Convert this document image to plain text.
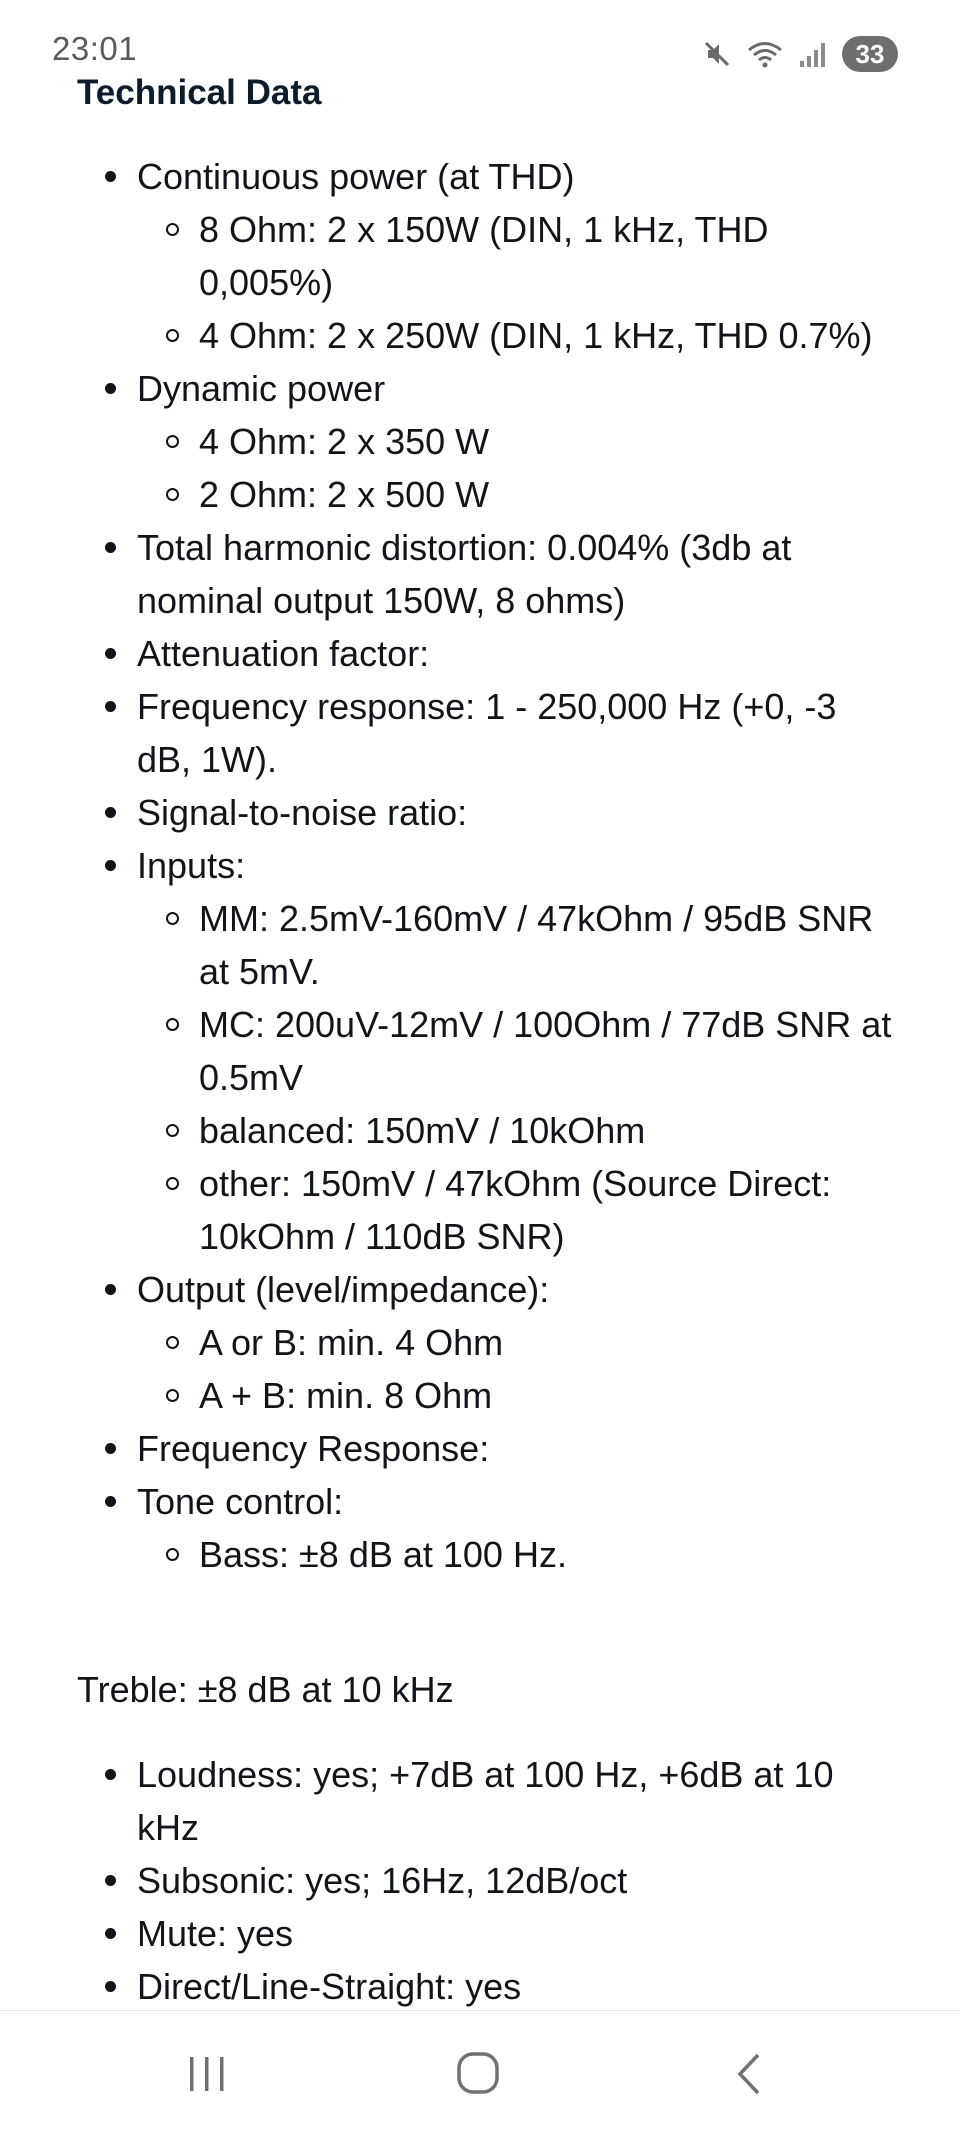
23:01	33
Technical Data
Continuous power (at THD)
8 Ohm: 2 x 150W (DIN, 1 kHz, THD 0,005%)
4 Ohm: 2 x 250W (DIN, 1 kHz, THD 0.7%)
Dynamic power
4 Ohm: 2 x 350 W
2 Ohm: 2 x 500 W
Total harmonic distortion: 0.004% (3db at nominal output 150W, 8 ohms)
Attenuation factor:
Frequency response: 1 - 250,000 Hz (+0, -3 dB, 1W).
Signal-to-noise ratio:
Inputs:
MM: 2.5mV-160mV / 47kOhm / 95dB SNR at 5mV.
MC: 200uV-12mV / 100Ohm / 77dB SNR at 0.5mV
balanced: 150mV / 10kOhm
other: 150mV / 47kOhm (Source Direct: 10kOhm / 110dB SNR)
Output (level/impedance):
A or B: min. 4 Ohm
A + B: min. 8 Ohm
Frequency Response:
Tone control:
Bass: ±8 dB at 100 Hz.

Treble: ±8 dB at 10 kHz

Loudness: yes; +7dB at 100 Hz, +6dB at 10 kHz
Subsonic: yes; 16Hz, 12dB/oct
Mute: yes
Direct/Line-Straight: yes
